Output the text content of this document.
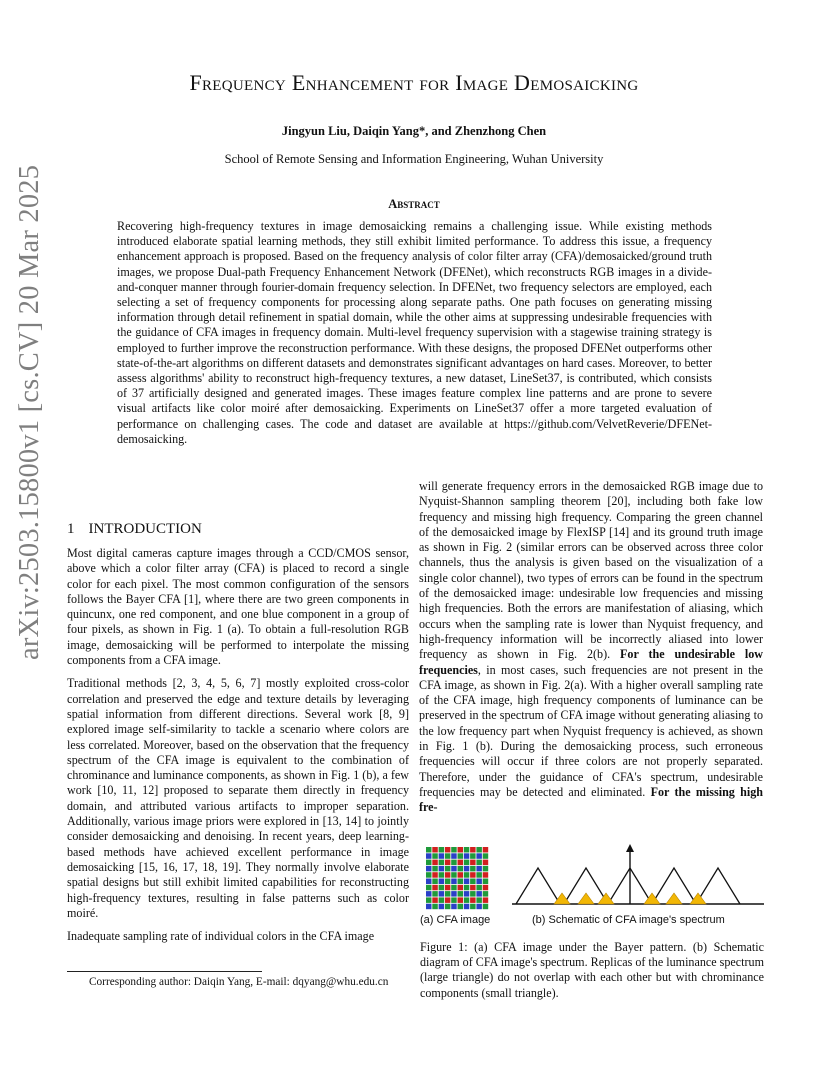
arXiv:2503.15800v1 [cs.CV] 20 Mar 2025
Frequency Enhancement for Image Demosaicking
Jingyun Liu, Daiqin Yang*, and Zhenzhong Chen
School of Remote Sensing and Information Engineering, Wuhan University
Abstract
Recovering high-frequency textures in image demosaicking remains a challenging issue. While existing methods introduced elaborate spatial learning methods, they still exhibit limited performance. To address this issue, a frequency enhancement approach is proposed. Based on the frequency analysis of color filter array (CFA)/demosaicked/ground truth images, we propose Dual-path Frequency Enhancement Network (DFENet), which reconstructs RGB images in a divide-and-conquer manner through fourier-domain frequency selection. In DFENet, two frequency selectors are employed, each selecting a set of frequency components for processing along separate paths. One path focuses on generating missing information through detail refinement in spatial domain, while the other aims at suppressing undesirable frequencies with the guidance of CFA images in frequency domain. Multi-level frequency supervision with a stagewise training strategy is employed to further improve the reconstruction performance. With these designs, the proposed DFENet outperforms other state-of-the-art algorithms on different datasets and demonstrates significant advantages on hard cases. Moreover, to better assess algorithms' ability to reconstruct high-frequency textures, a new dataset, LineSet37, is contributed, which consists of 37 artificially designed and generated images. These images feature complex line patterns and are prone to severe visual artifacts like color moiré after demosaicking. Experiments on LineSet37 offer a more targeted evaluation of performance on challenging cases. The code and dataset are available at https://github.com/VelvetReverie/DFENet-demosaicking.
1 INTRODUCTION

Most digital cameras capture images through a CCD/CMOS sensor, above which a color filter array (CFA) is placed to record a single color for each pixel. The most common configuration of the sensors follows the Bayer CFA [1], where there are two green components in quincunx, one red component, and one blue component in a group of four pixels, as shown in Fig. 1 (a). To obtain a full-resolution RGB image, demosaicking will be performed to interpolate the missing components from a CFA image.

Traditional methods [2, 3, 4, 5, 6, 7] mostly exploited cross-color correlation and preserved the edge and texture details by leveraging spatial information from different directions. Several work [8, 9] explored image self-similarity to tackle a scenario where colors are less correlated. Moreover, based on the observation that the frequency spectrum of the CFA image is equivalent to the combination of chrominance and luminance components, as shown in Fig. 1 (b), a few work [10, 11, 12] proposed to separate them directly in frequency domain, and attributed various artifacts to improper separation. Additionally, various image priors were explored in [13, 14] to jointly consider demosaicking and denoising. In recent years, deep learning-based methods have achieved excellent performance in image demosaicking [15, 16, 17, 18, 19]. They normally involve elaborate spatial designs but still exhibit limited capabilities for reconstructing high-frequency textures, resulting in false patterns such as color moiré.

Inadequate sampling rate of individual colors in the CFA image

Corresponding author: Daiqin Yang, E-mail: dqyang@whu.edu.cn
will generate frequency errors in the demosaicked RGB image due to Nyquist-Shannon sampling theorem [20], including both fake low frequency and missing high frequency. Comparing the green channel of the demosaicked image by FlexISP [14] and its ground truth image as shown in Fig. 2 (similar errors can be observed across three color channels, thus the analysis is given based on the visualization of a single color channel), two types of errors can be found in the spectrum of the demosaicked image: undesirable low frequencies and missing high frequencies. Both the errors are manifestation of aliasing, which occurs when the sampling rate is lower than Nyquist frequency, and high-frequency information will be incorrectly aliased into lower frequency as shown in Fig. 2(b). For the undesirable low frequencies, in most cases, such frequencies are not present in the CFA image, as shown in Fig. 2(a). With a higher overall sampling rate of the CFA image, high frequency components of luminance can be preserved in the spectrum of CFA image without generating aliasing to the low frequency part when Nyquist frequency is achieved, as shown in Fig. 1 (b). During the demosaicking process, such erroneous frequencies will occur if three colors are not properly separated. Therefore, under the guidance of CFA's spectrum, undesirable frequencies may be detected and eliminated. For the missing high fre-
(a) CFA image	(b) Schematic of CFA image's spectrum
Figure 1: (a) CFA image under the Bayer pattern. (b) Schematic diagram of CFA image's spectrum. Replicas of the luminance spectrum (large triangle) do not overlap with each other but with chrominance components (small triangle).
